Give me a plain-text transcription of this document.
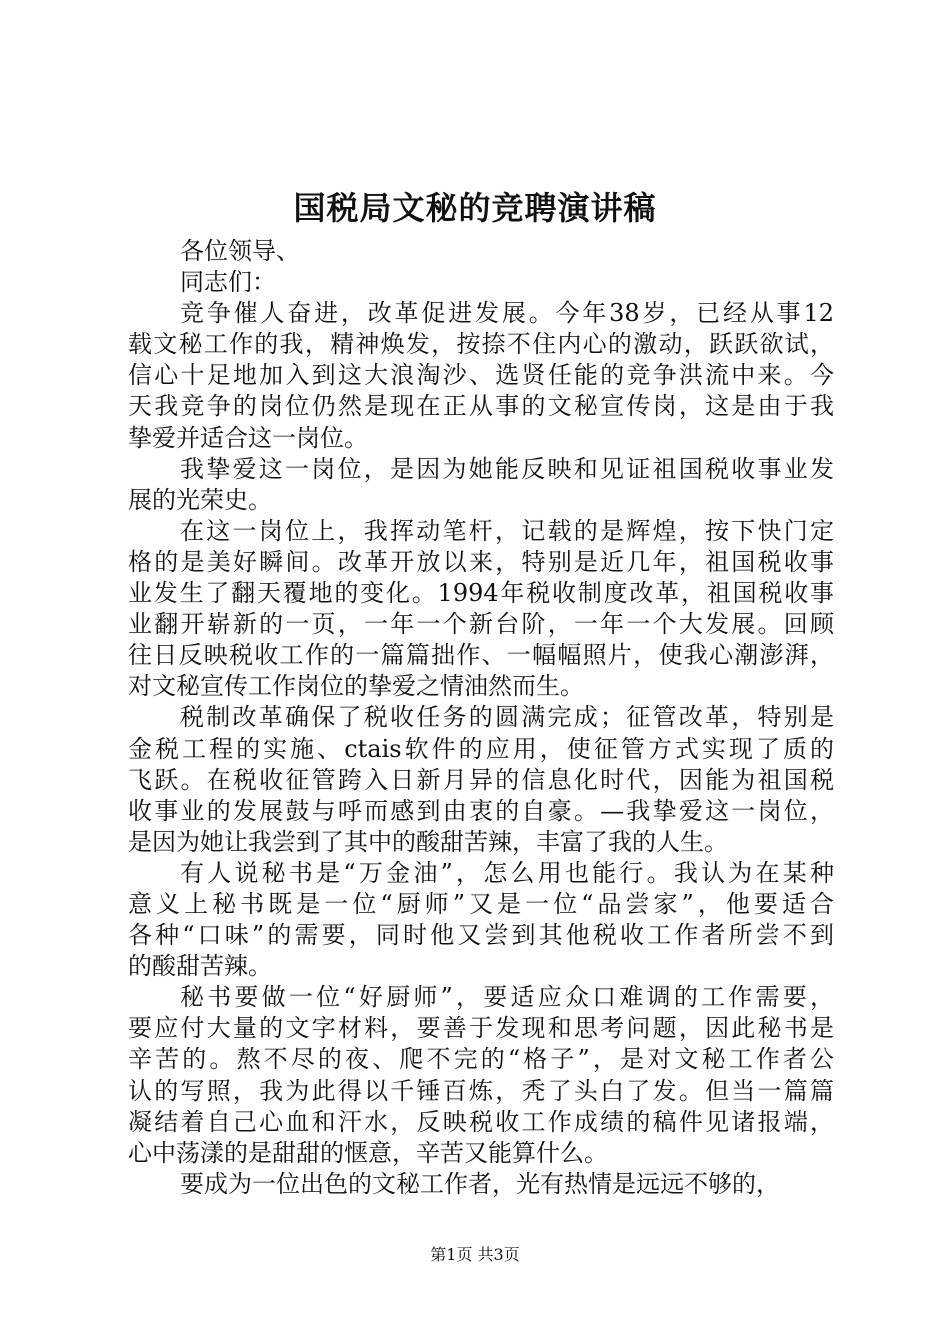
国税局文秘的竞聘演讲稿
各位领导、
同志们：
竞争催人奋进，改革促进发展。今年38岁，已经从事12
载文秘工作的我，精神焕发，按捺不住内心的激动，跃跃欲试，
信心十足地加入到这大浪淘沙、选贤任能的竞争洪流中来。今
天我竞争的岗位仍然是现在正从事的文秘宣传岗，这是由于我
挚爱并适合这一岗位。
我挚爱这一岗位，是因为她能反映和见证祖国税收事业发
展的光荣史。
在这一岗位上，我挥动笔杆，记载的是辉煌，按下快门定
格的是美好瞬间。改革开放以来，特别是近几年，祖国税收事
业发生了翻天覆地的变化。1994年税收制度改革，祖国税收事
业翻开崭新的一页，一年一个新台阶，一年一个大发展。回顾
往日反映税收工作的一篇篇拙作、一幅幅照片，使我心潮澎湃，
对文秘宣传工作岗位的挚爱之情油然而生。
税制改革确保了税收任务的圆满完成；征管改革，特别是
金税工程的实施、ctais软件的应用，使征管方式实现了质的
飞跃。在税收征管跨入日新月异的信息化时代，因能为祖国税
收事业的发展鼓与呼而感到由衷的自豪。—我挚爱这一岗位，
是因为她让我尝到了其中的酸甜苦辣，丰富了我的人生。
有人说秘书是“万金油”，怎么用也能行。我认为在某种
意义上秘书既是一位“厨师”又是一位“品尝家”，他要适合
各种“口味”的需要，同时他又尝到其他税收工作者所尝不到
的酸甜苦辣。
秘书要做一位“好厨师”，要适应众口难调的工作需要，
要应付大量的文字材料，要善于发现和思考问题，因此秘书是
辛苦的。熬不尽的夜、爬不完的“格子”，是对文秘工作者公
认的写照，我为此得以千锤百炼，秃了头白了发。但当一篇篇
凝结着自己心血和汗水，反映税收工作成绩的稿件见诸报端，
心中荡漾的是甜甜的惬意，辛苦又能算什么。
要成为一位出色的文秘工作者，光有热情是远远不够的，
第1页 共3页
